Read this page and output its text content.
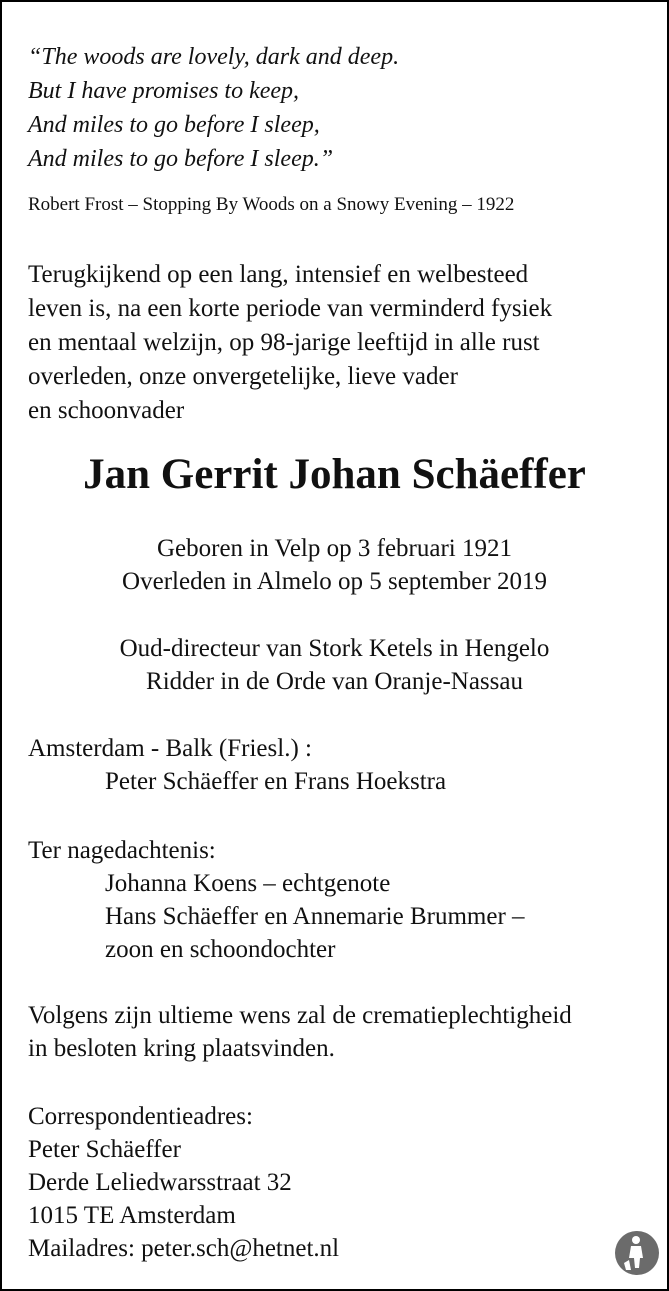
“The woods are lovely, dark and deep.
But I have promises to keep,
And miles to go before I sleep,
And miles to go before I sleep.”
Robert Frost – Stopping By Woods on a Snowy Evening – 1922
Terugkijkend op een lang, intensief en welbesteed
leven is, na een korte periode van verminderd fysiek
en mentaal welzijn, op 98-jarige leeftijd in alle rust
overleden, onze onvergetelijke, lieve vader
en schoonvader
Jan Gerrit Johan Schäeffer
Geboren in Velp op 3 februari 1921
Overleden in Almelo op 5 september 2019
Oud-directeur van Stork Ketels in Hengelo
Ridder in de Orde van Oranje-Nassau
Amsterdam - Balk (Friesl.) :
Peter Schäeffer en Frans Hoekstra
Ter nagedachtenis:
Johanna Koens – echtgenote
Hans Schäeffer en Annemarie Brummer –
zoon en schoondochter
Volgens zijn ultieme wens zal de crematieplechtigheid
in besloten kring plaatsvinden.
Correspondentieadres:
Peter Schäeffer
Derde Leliedwarsstraat 32
1015 TE Amsterdam
Mailadres: peter.sch@hetnet.nl
